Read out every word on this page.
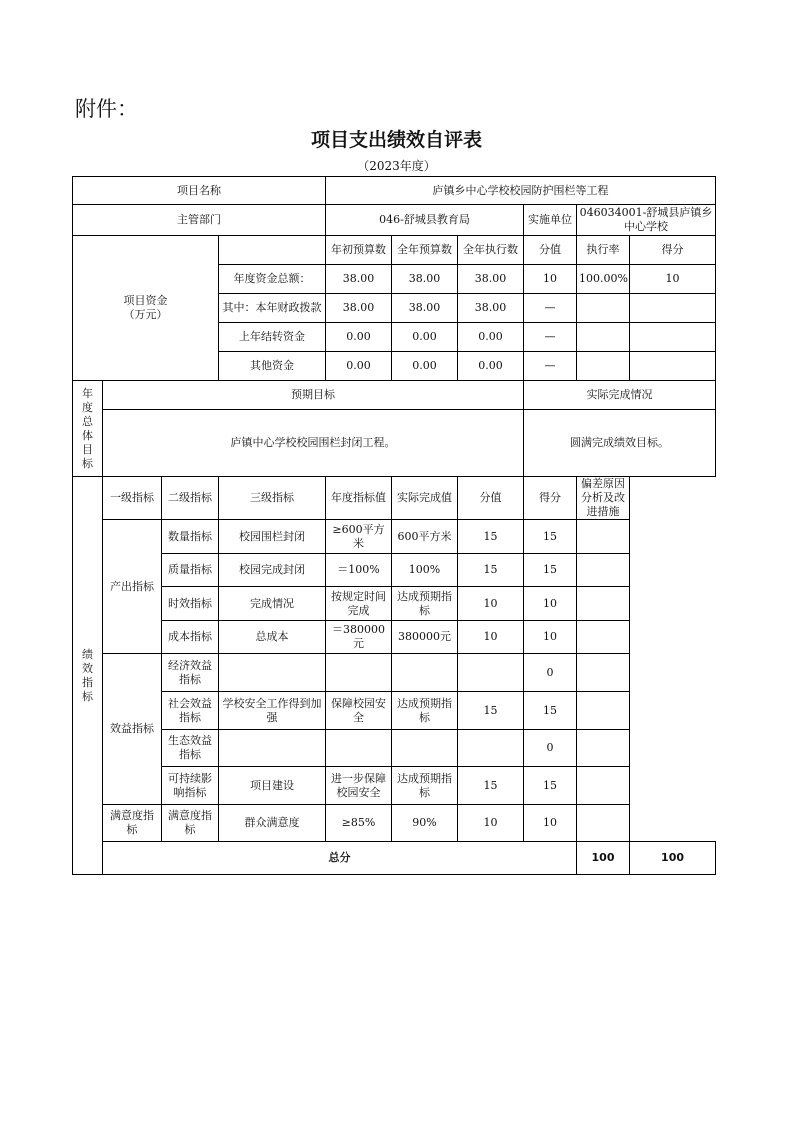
附件：
项目支出绩效自评表
（2023年度）
项目名称				庐镇乡中心学校校园防护围栏等工程						
主管部门				046-舒城县教育局			实施单位	046034001-舒城县庐镇乡中心学校		

项目资金
（万元）				年初预算数	全年预算数	全年执行数	分值	执行率	得分	
			年度资金总额：	38.00	38.00	38.00	10	100.00%	10	
			其中：本年财政拨款	38.00	38.00	38.00	—			
			上年结转资金	0.00	0.00	0.00	—			
			其他资金	0.00	0.00	0.00	—			

年度总体目标	预期目标						实际完成情况			
	庐镇中心学校校园围栏封闭工程。						圆满完成绩效目标。			

绩效指标	一级指标	二级指标	三级指标	年度指标值	实际完成值	分值	得分	偏差原因分析及改进措施		
	产出指标	数量指标	校园围栏封闭	≥600平方米	600平方米	15	15			
		质量指标	校园完成封闭	＝100%	100%	15	15			
		时效指标	完成情况	按规定时间完成	达成预期指标	10	10			
		成本指标	总成本	＝380000元	380000元	10	10			
	效益指标	经济效益指标					0			
		社会效益指标	学校安全工作得到加强	保障校园安全	达成预期指标	15	15			
		生态效益指标					0			
		可持续影响指标	项目建设	进一步保障校园安全	达成预期指标	15	15			
	满意度指标	满意度指标	群众满意度	≥85%	90%	10	10			
	总分							100	100	
